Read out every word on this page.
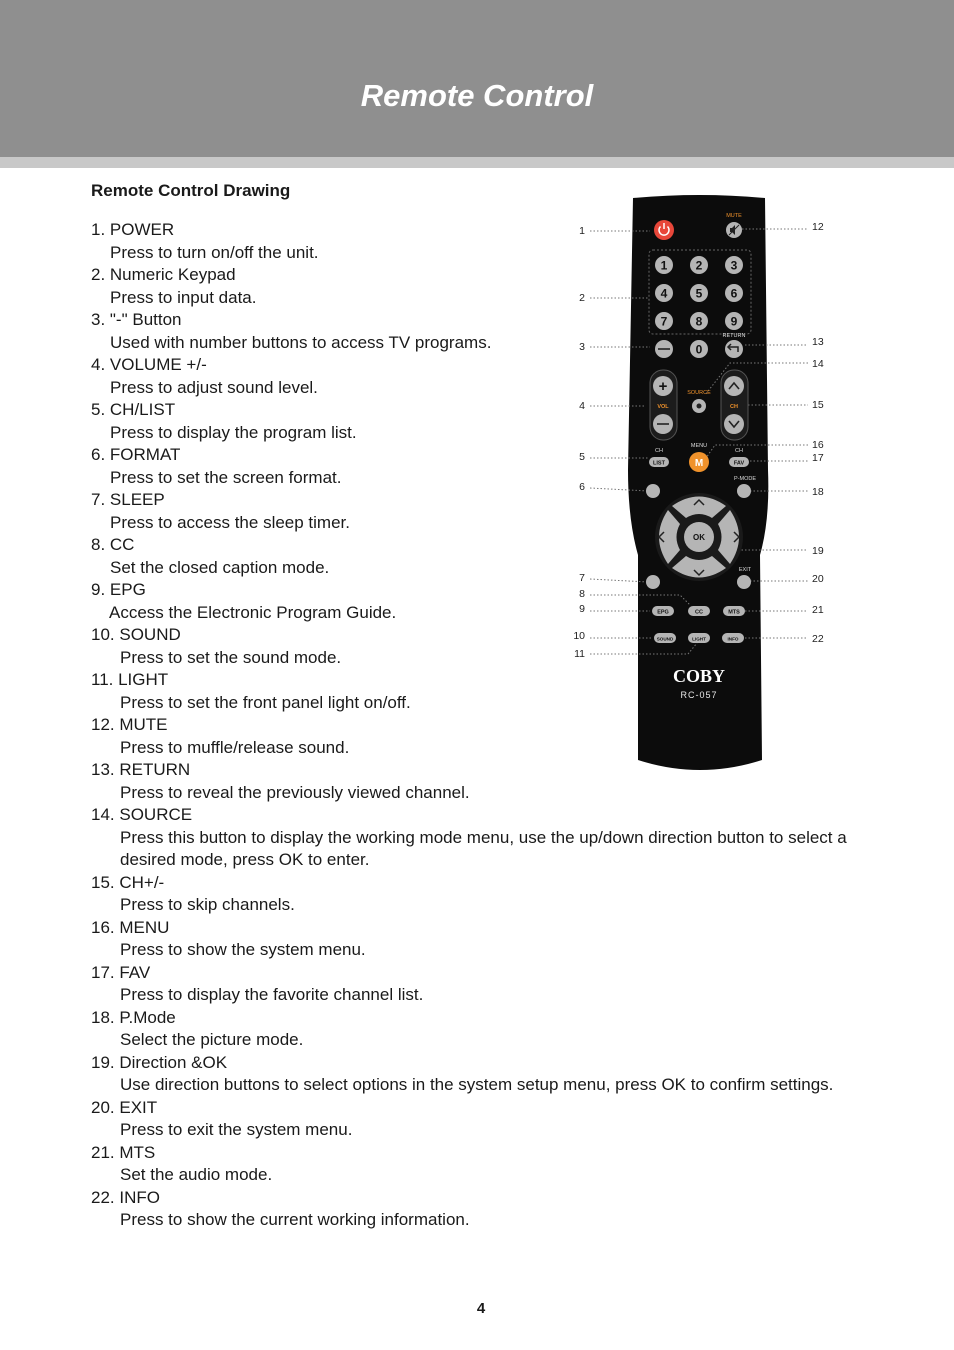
Remote Control
Remote Control Drawing
1. POWER
Press to turn on/off the unit.
2. Numeric Keypad
Press to input data.
3. "-" Button
Used with number buttons to access TV programs.
4. VOLUME +/-
Press to adjust sound level.
5. CH/LIST
Press to display the program list.
6. FORMAT
Press to set the screen format.
7. SLEEP
Press to access the sleep timer.
8. CC
Set the closed caption mode.
9. EPG
Access the Electronic Program Guide.
10. SOUND
Press to set the sound mode.
11. LIGHT
Press to set the front panel light on/off.
12. MUTE
Press to muffle/release sound.
13. RETURN
Press to reveal the previously viewed channel.
14. SOURCE
Press this button to display the working mode menu, use the up/down direction button to select a desired mode, press OK to enter.
15. CH+/-
Press to skip channels.
16. MENU
Press to show the system menu.
17. FAV
Press to display the favorite channel list.
18. P.Mode
Select the picture mode.
19. Direction &OK
Use direction buttons to select options in the system setup menu, press OK to confirm settings.
20. EXIT
Press to exit the system menu.
21. MTS
Set the audio mode.
22. INFO
Press to show the current working information.
1
2
3
4
5
6
7
8
9
10
11
12
13
14
15
16
17
18
19
20
21
22
MUTE
1 2 3
4 5 6
7 8 9
0
RETURN
+
VOL
SOURCE
CH
CH
LIST
MENU
M
CH
FAV
P-MODE
OK
EXIT
EPG	CC	MTS
SOUND	LIGHT	INFO
COBY
RC-057
4
